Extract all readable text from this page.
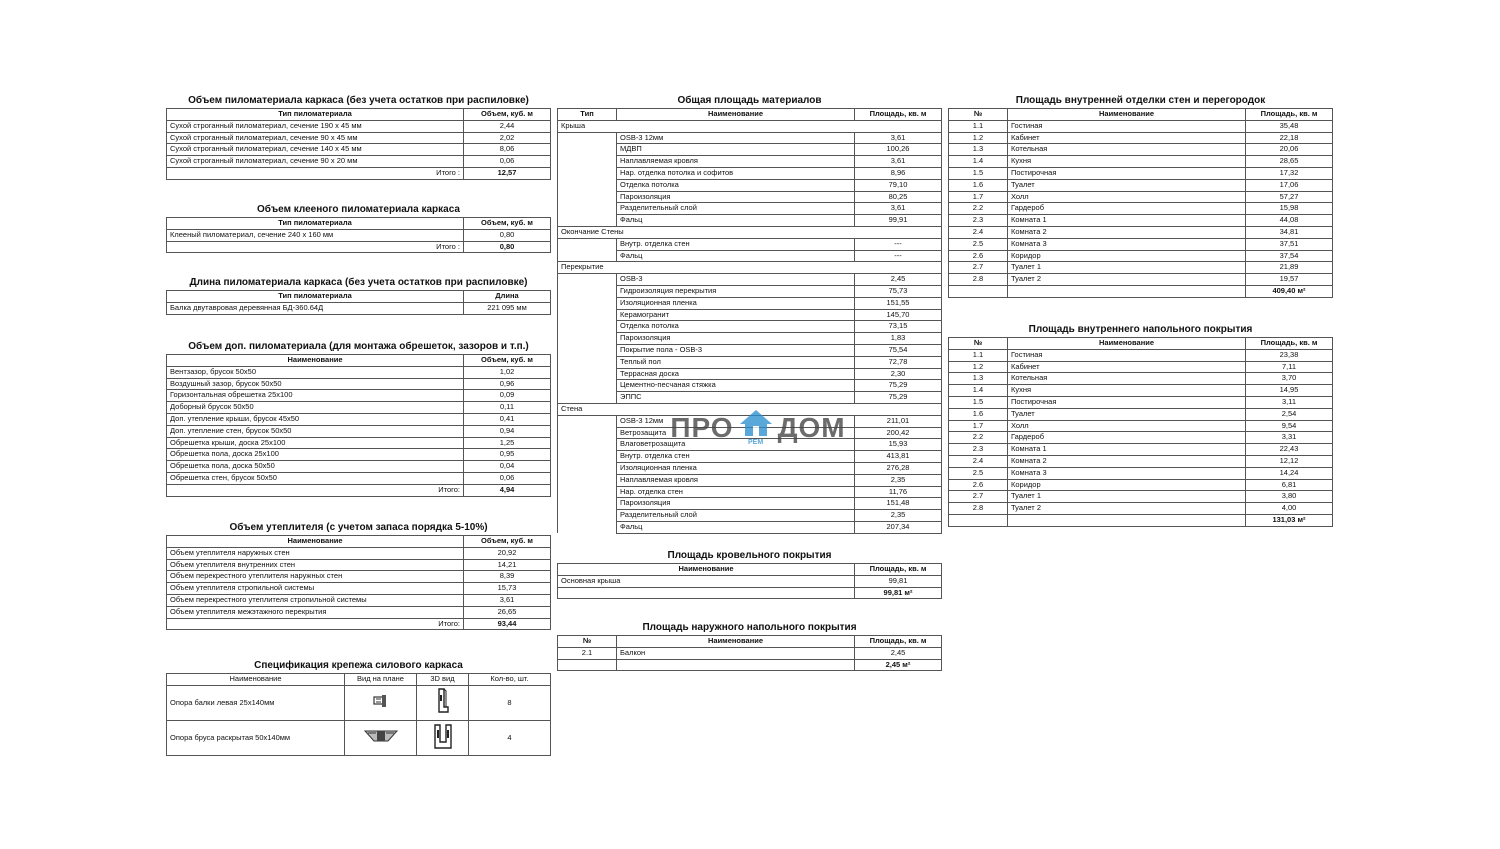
Объем пиломатериала каркаса (без учета остатков при распиловке)
Тип пиломатериала	Объем, куб. м
Сухой строганный пиломатериал, сечение 190 х 45 мм	2,44
Сухой строганный пиломатериал, сечение 90 х 45 мм	2,02
Сухой строганный пиломатериал, сечение 140 х 45 мм	8,06
Сухой строганный пиломатериал, сечение 90 х 20 мм	0,06
Итого :	12,57
Объем клееного пиломатериала каркаса
Тип пиломатериала	Объем, куб. м
Клееный пиломатериал, сечение 240 х 160 мм	0,80
Итого :	0,80
Длина пиломатериала каркаса (без учета остатков при распиловке)
Тип пиломатериала	Длина
Балка двутавровая деревянная БД-360.64Д	221 095 мм
Объем доп. пиломатериала (для монтажа обрешеток, зазоров и т.п.)
Наименование	Объем, куб. м
Вентзазор, брусок 50х50	1,02
Воздушный зазор, брусок 50х50	0,96
Горизонтальная обрешетка 25х100	0,09
Доборный брусок 50х50	0,11
Доп. утепление крыши, брусок 45х50	0,41
Доп. утепление стен, брусок 50х50	0,94
Обрешетка крыши, доска 25х100	1,25
Обрешетка пола, доска 25х100	0,95
Обрешетка пола, доска 50х50	0,04
Обрешетка стен, брусок 50х50	0,06
Итого:	4,94
Объем утеплителя (с учетом запаса порядка 5-10%)
Наименование	Объем, куб. м
Объем утеплителя наружных стен	20,92
Объем утеплителя внутренних стен	14,21
Объем перекрестного утеплителя наружных стен	8,39
Объем утеплителя стропильной системы	15,73
Объем перекрестного утеплителя стропильной системы	3,61
Объем утеплителя межэтажного перекрытия	26,65
Итого:	93,44
Спецификация крепежа силового каркаса
Наименование	Вид на плане	3D вид	Кол-во, шт.
Опора балки левая 25х140мм			8
Опора бруса раскрытая 50х140мм			4
Общая площадь материалов
Тип	Наименование	Площадь, кв. м
Крыша		
	OSB-3 12мм	3,61
	МДВП	100,26
	Наплавляемая кровля	3,61
	Нар. отделка потолка и софитов	8,96
	Отделка потолка	79,10
	Пароизоляция	80,25
	Разделительный слой	3,61
	Фальц	99,91
Окончание Стены		
	Внутр. отделка стен	---
	Фальц	---
Перекрытие		
	OSB-3	2,45
	Гидроизоляция перекрытия	75,73
	Изоляционная пленка	151,55
	Керамогранит	145,70
	Отделка потолка	73,15
	Пароизоляция	1,83
	Покрытие пола - OSB-3	75,54
	Теплый пол	72,78
	Террасная доска	2,30
	Цементно-песчаная стяжка	75,29
	ЭППС	75,29
Стена		
	OSB-3 12мм	211,01
	Ветрозащита	200,42
	Влаговетрозащита	15,93
	Внутр. отделка стен	413,81
	Изоляционная пленка	276,28
	Наплавляемая кровля	2,35
	Нар. отделка стен	11,76
	Пароизоляция	151,48
	Разделительный слой	2,35
	Фальц	207,34
Площадь кровельного покрытия
Наименование	Площадь, кв. м
Основная крыша	99,81
	99,81 м²
Площадь наружного напольного покрытия
№	Наименование	Площадь, кв. м
2.1	Балкон	2,45
		2,45 м²
Площадь внутренней отделки стен и перегородок
№	Наименование	Площадь, кв. м
1.1	Гостиная	35,48
1.2	Кабинет	22,18
1.3	Котельная	20,06
1.4	Кухня	28,65
1.5	Постирочная	17,32
1.6	Туалет	17,06
1.7	Холл	57,27
2.2	Гардероб	15,98
2.3	Комната 1	44,08
2.4	Комната 2	34,81
2.5	Комната 3	37,51
2.6	Коридор	37,54
2.7	Туалет 1	21,89
2.8	Туалет 2	19,57
		409,40 м²
Площадь внутреннего напольного покрытия
№	Наименование	Площадь, кв. м
1.1	Гостиная	23,38
1.2	Кабинет	7,11
1.3	Котельная	3,70
1.4	Кухня	14,95
1.5	Постирочная	3,11
1.6	Туалет	2,54
1.7	Холл	9,54
2.2	Гардероб	3,31
2.3	Комната 1	22,43
2.4	Комната 2	12,12
2.5	Комната 3	14,24
2.6	Коридор	6,81
2.7	Туалет 1	3,80
2.8	Туалет 2	4,00
		131,03 м²
ПРО	РЕМ ДОМ
